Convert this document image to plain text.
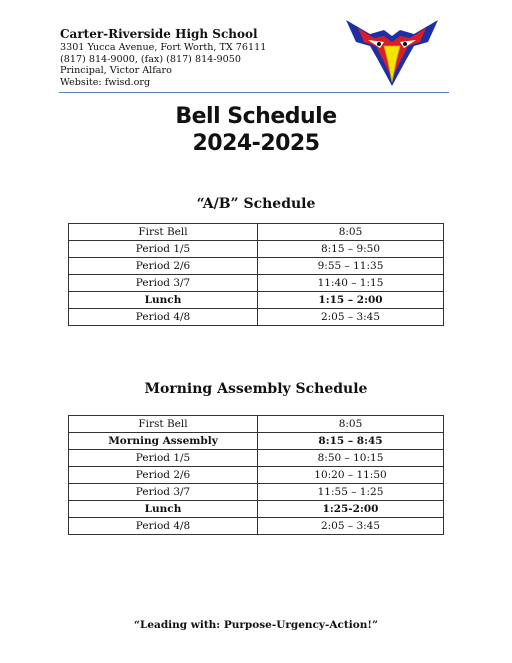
Carter-Riverside High School
3301 Yucca Avenue, Fort Worth, TX 76111
(817) 814-9000, (fax) (817) 814-9050
Principal, Victor Alfaro
Website: fwisd.org
Bell Schedule
2024-2025
“A/B” Schedule
First Bell	8:05
Period 1/5	8:15 – 9:50
Period 2/6	9:55 – 11:35
Period 3/7	11:40 – 1:15
Lunch	1:15 – 2:00
Period 4/8	2:05 – 3:45
Morning Assembly Schedule
First Bell	8:05
Morning Assembly	8:15 – 8:45
Period 1/5	8:50 – 10:15
Period 2/6	10:20 – 11:50
Period 3/7	11:55 – 1:25
Lunch	1:25-2:00
Period 4/8	2:05 – 3:45
“Leading with: Purpose-Urgency-Action!”
